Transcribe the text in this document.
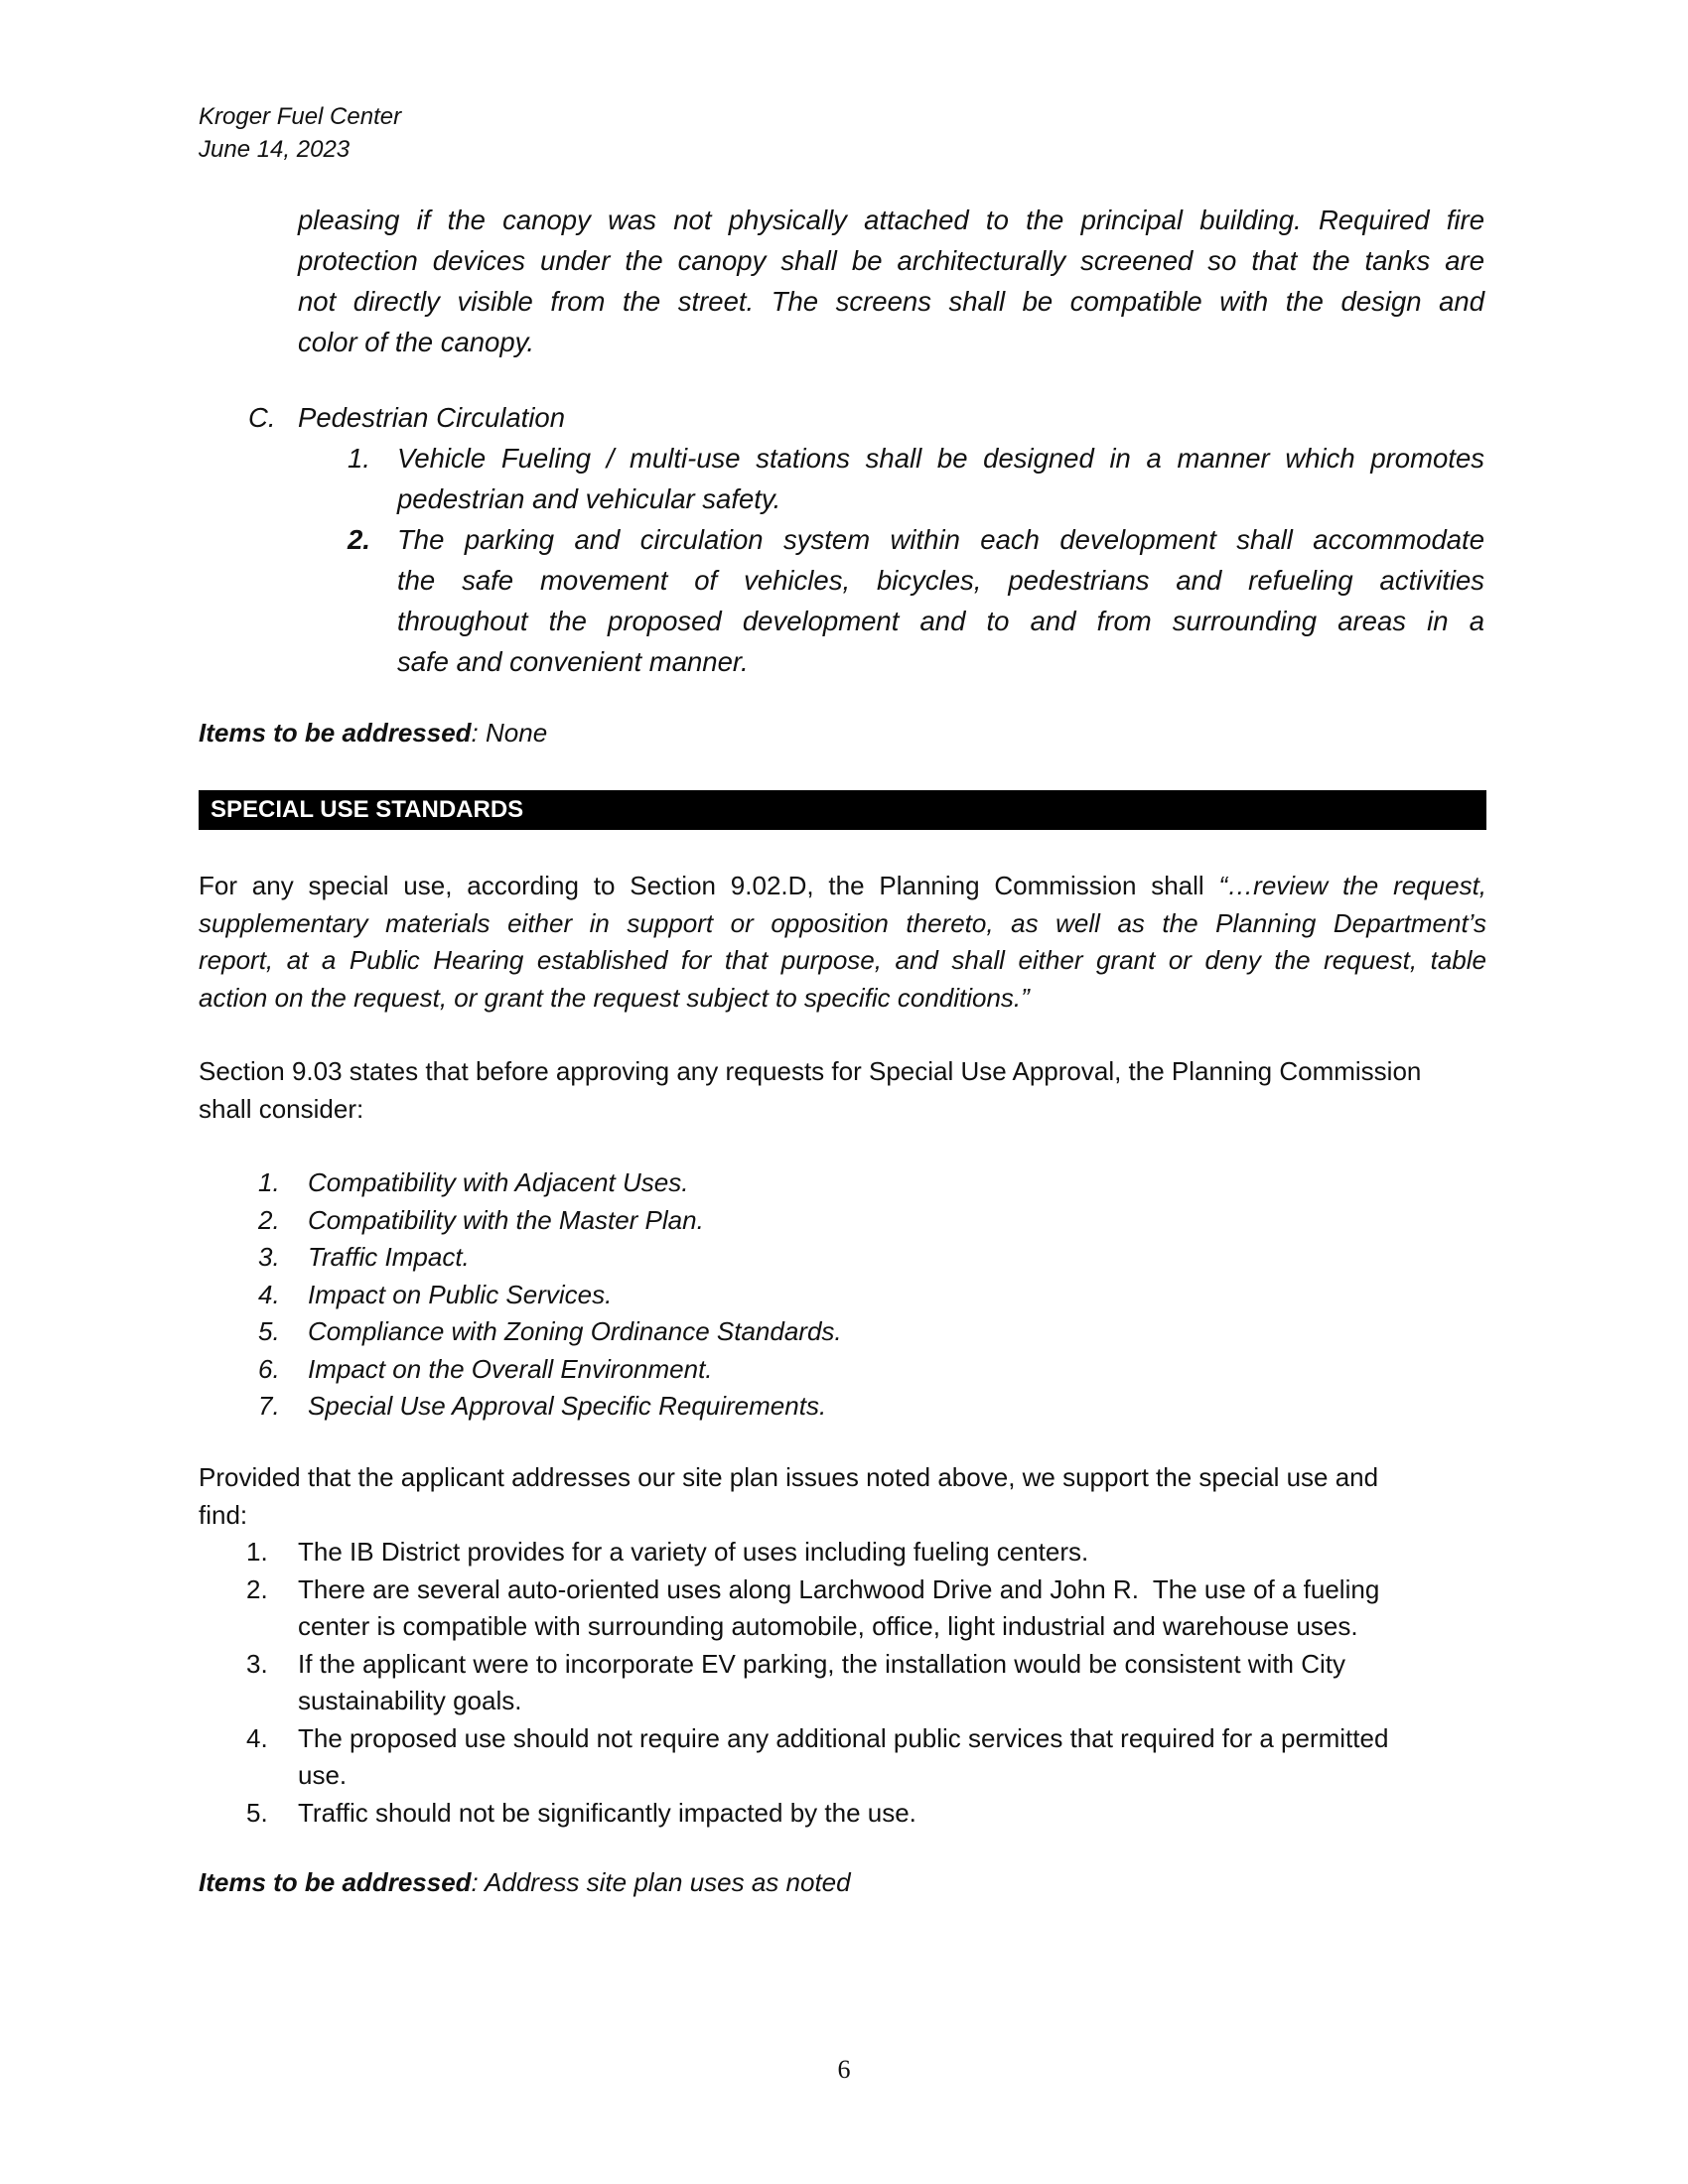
Kroger Fuel Center
June 14, 2023
pleasing if the canopy was not physically attached to the principal building. Required fire
protection devices under the canopy shall be architecturally screened so that the tanks are
not directly visible from the street. The screens shall be compatible with the design and
color of the canopy.
C. Pedestrian Circulation
1. Vehicle Fueling / multi-use stations shall be designed in a manner which promotes
pedestrian and vehicular safety.
2. The parking and circulation system within each development shall accommodate
the safe movement of vehicles, bicycles, pedestrians and refueling activities
throughout the proposed development and to and from surrounding areas in a
safe and convenient manner.
Items to be addressed: None
SPECIAL USE STANDARDS
For any special use, according to Section 9.02.D, the Planning Commission shall “…review the request,
supplementary materials either in support or opposition thereto, as well as the Planning Department’s
report, at a Public Hearing established for that purpose, and shall either grant or deny the request, table
action on the request, or grant the request subject to specific conditions.”
Section 9.03 states that before approving any requests for Special Use Approval, the Planning Commission
shall consider:
1. Compatibility with Adjacent Uses.
2. Compatibility with the Master Plan.
3. Traffic Impact.
4. Impact on Public Services.
5. Compliance with Zoning Ordinance Standards.
6. Impact on the Overall Environment.
7. Special Use Approval Specific Requirements.
Provided that the applicant addresses our site plan issues noted above, we support the special use and
find:
1.	The IB District provides for a variety of uses including fueling centers.
2.	There are several auto-oriented uses along Larchwood Drive and John R.  The use of a fueling
center is compatible with surrounding automobile, office, light industrial and warehouse uses.
3.	If the applicant were to incorporate EV parking, the installation would be consistent with City
sustainability goals.
4.	The proposed use should not require any additional public services that required for a permitted
use.
5.	Traffic should not be significantly impacted by the use.
Items to be addressed: Address site plan uses as noted
6
